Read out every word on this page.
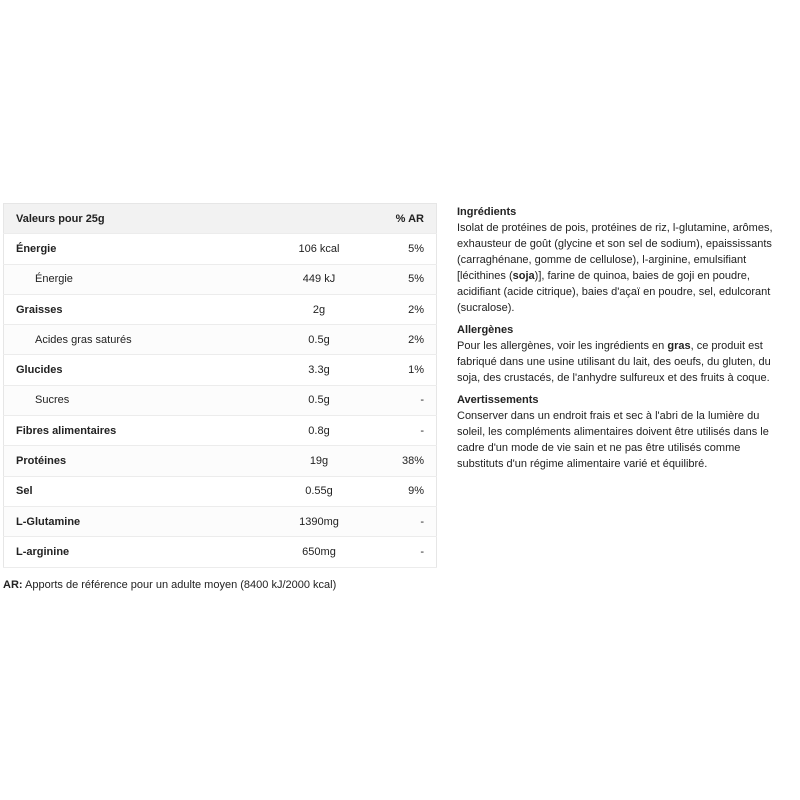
Valeurs pour 25g		% AR
Énergie	106 kcal	5%
Énergie	449 kJ	5%
Graisses	2g	2%
Acides gras saturés	0.5g	2%
Glucides	3.3g	1%
Sucres	0.5g	-
Fibres alimentaires	0.8g	-
Protéines	19g	38%
Sel	0.55g	9%
L-Glutamine	1390mg	-
L-arginine	650mg	-
AR: Apports de référence pour un adulte moyen (8400 kJ/2000 kcal)
Ingrédients

Isolat de protéines de pois, protéines de riz, l-glutamine, arômes, exhausteur de goût (glycine et son sel de sodium), epaississants (carraghénane, gomme de cellulose), l-arginine, emulsifiant [lécithines (soja)], farine de quinoa, baies de goji en poudre, acidifiant (acide citrique), baies d'açaï en poudre, sel, edulcorant (sucralose).

Allergènes

Pour les allergènes, voir les ingrédients en gras, ce produit est fabriqué dans une usine utilisant du lait, des oeufs, du gluten, du soja, des crustacés, de l'anhydre sulfureux et des fruits à coque.

Avertissements

Conserver dans un endroit frais et sec à l'abri de la lumière du soleil, les compléments alimentaires doivent être utilisés dans le cadre d'un mode de vie sain et ne pas être utilisés comme substituts d'un régime alimentaire varié et équilibré.
